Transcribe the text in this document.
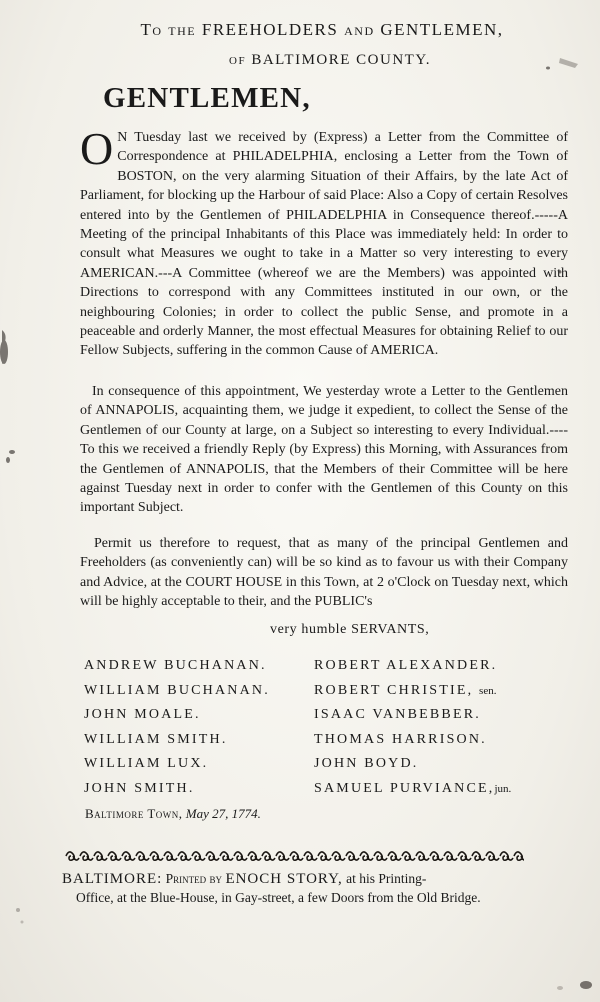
To the FREEHOLDERS and GENTLEMEN,
of BALTIMORE COUNTY.
GENTLEMEN,
O N Tuesday last we received by (Express) a Letter from the Committee of Correspondence at PHILADELPHIA, enclosing a Letter from the Town of BOSTON, on the very alarming Situation of their Affairs, by the late Act of Parliament, for blocking up the Harbour of said Place: Also a Copy of certain Resolves entered into by the Gentlemen of PHILADELPHIA in Consequence thereof.-----A Meeting of the principal Inhabitants of this Place was immediately held: In order to consult what Measures we ought to take in a Matter so very interesting to every AMERICAN.---A Committee (whereof we are the Members) was appointed with Directions to correspond with any Committees instituted in our own, or the neighbouring Colonies; in order to collect the public Sense, and promote in a peaceable and orderly Manner, the most effectual Measures for obtaining Relief to our Fellow Subjects, suffering in the common Cause of AMERICA.
In consequence of this appointment, We yesterday wrote a Letter to the Gentlemen of ANNAPOLIS, acquainting them, we judge it expedient, to collect the Sense of the Gentlemen of our County at large, on a Subject so interesting to every Individual.----To this we received a friendly Reply (by Express) this Morning, with Assurances from the Gentlemen of ANNAPOLIS, that the Members of their Committee will be here against Tuesday next in order to confer with the Gentlemen of this County on this important Subject.
Permit us therefore to request, that as many of the principal Gentlemen and Freeholders (as conveniently can) will be so kind as to favour us with their Company and Advice, at the COURT HOUSE in this Town, at 2 o'Clock on Tuesday next, which will be highly acceptable to their, and the PUBLIC's
very humble SERVANTS,
ANDREW BUCHANAN.
WILLIAM BUCHANAN.
JOHN MOALE.
WILLIAM SMITH.
WILLIAM LUX.
JOHN SMITH.
ROBERT ALEXANDER.
ROBERT CHRISTIE, sen.
ISAAC VANBEBBER.
THOMAS HARRISON.
JOHN BOYD.
SAMUEL PURVIANCE,jun.
Baltimore Town, May 27, 1774.
BALTIMORE: Printed by ENOCH STORY, at his Printing-
Office, at the Blue-House, in Gay-street, a few Doors from the Old Bridge.
